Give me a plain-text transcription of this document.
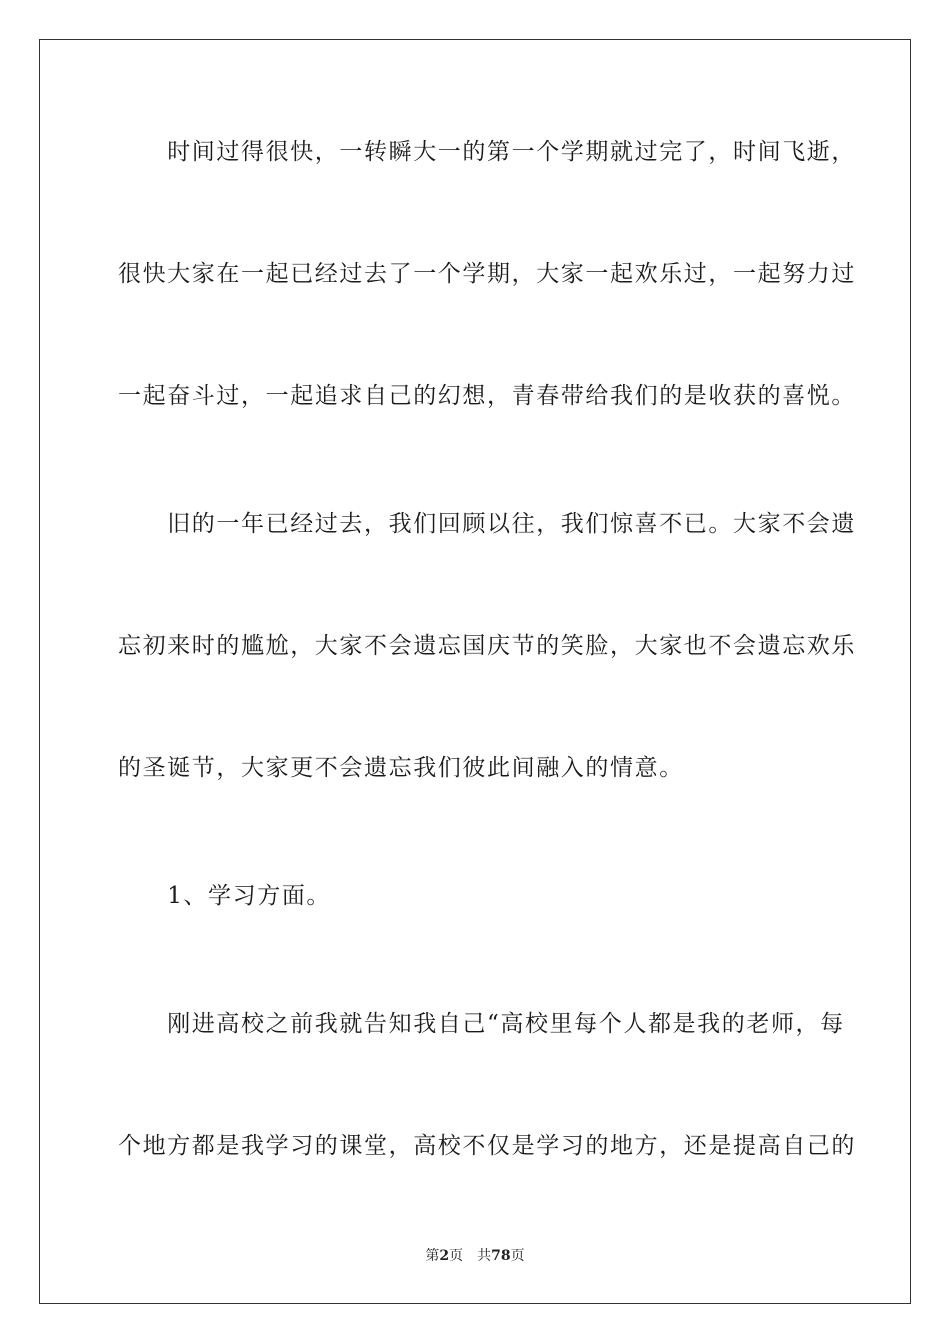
　　时间过得很快，一转瞬大一的第一个学期就过完了，时间飞逝，
很快大家在一起已经过去了一个学期，大家一起欢乐过，一起努力过
一起奋斗过，一起追求自己的幻想，青春带给我们的是收获的喜悦。
　　旧的一年已经过去，我们回顾以往，我们惊喜不已。大家不会遗
忘初来时的尴尬，大家不会遗忘国庆节的笑脸，大家也不会遗忘欢乐
的圣诞节，大家更不会遗忘我们彼此间融入的情意。
　　1、学习方面。
　　刚进高校之前我就告知我自己“高校里每个人都是我的老师，每
个地方都是我学习的课堂，高校不仅是学习的地方，还是提高自己的
第2页 共78页
